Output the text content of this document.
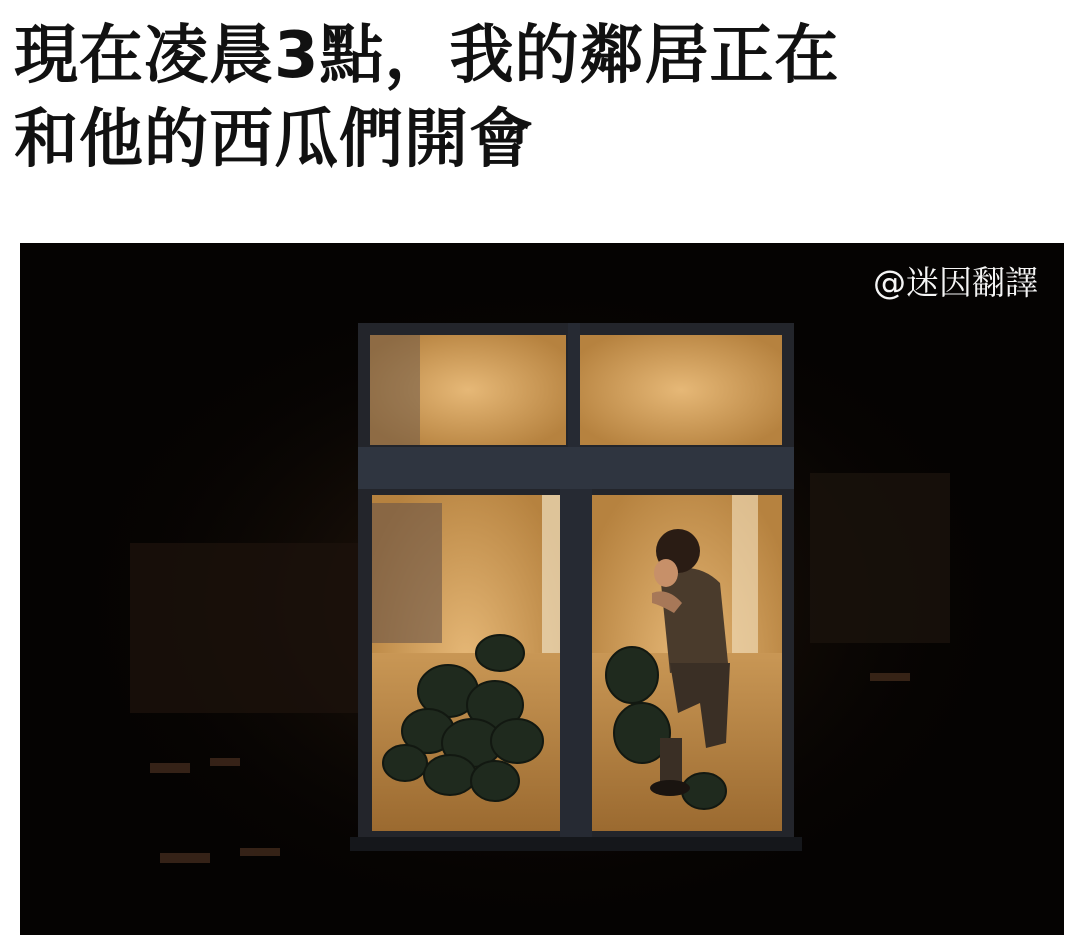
現在凌晨3點，我的鄰居正在
和他的西瓜們開會
@迷因翻譯
